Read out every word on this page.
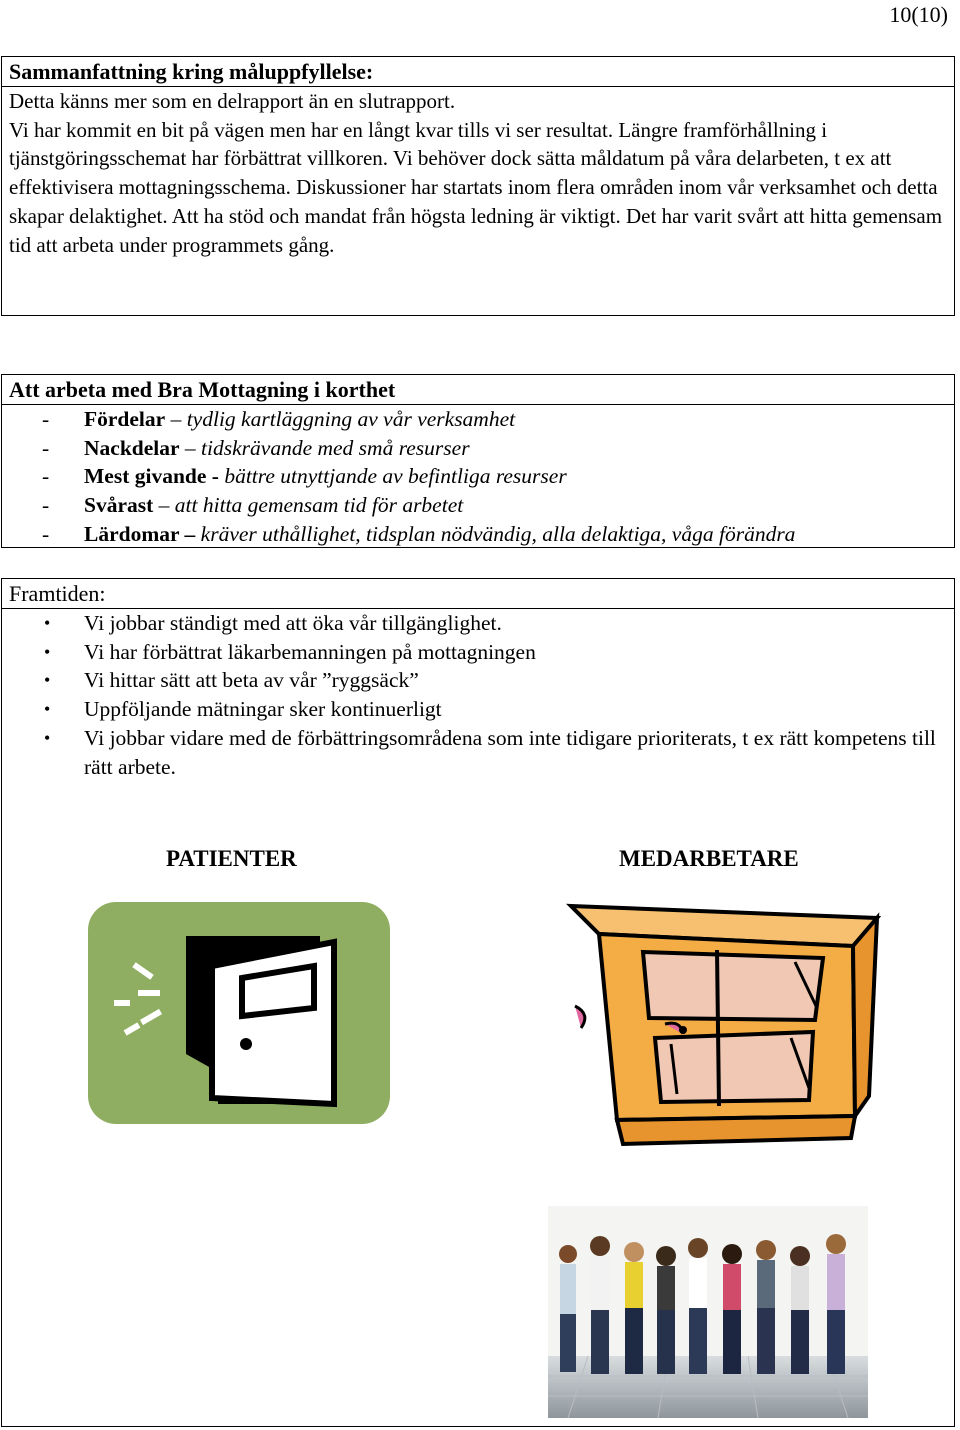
10(10)
Sammanfattning kring måluppfyllelse:
Detta känns mer som en delrapport än en slutrapport.
Vi har kommit en bit på vägen men har en långt kvar tills vi ser resultat. Längre framförhållning i tjänstgöringsschemat har förbättrat villkoren. Vi behöver dock sätta måldatum på våra delarbeten, t ex att effektivisera mottagningsschema. Diskussioner har startats inom flera områden inom vår verksamhet och detta skapar delaktighet. Att ha stöd och mandat från högsta ledning är viktigt. Det har varit svårt att hitta gemensam tid att arbeta under programmets gång.
Att arbeta med Bra Mottagning i korthet
- Fördelar – tydlig kartläggning av vår verksamhet
- Nackdelar – tidskrävande med små resurser
- Mest givande - bättre utnyttjande av befintliga resurser
- Svårast – att hitta gemensam tid för arbetet
- Lärdomar – kräver uthållighet, tidsplan nödvändig, alla delaktiga, våga förändra
Framtiden:
• Vi jobbar ständigt med att öka vår tillgänglighet.
• Vi har förbättrat läkarbemanningen på mottagningen
• Vi hittar sätt att beta av vår ”ryggsäck”
• Uppföljande mätningar sker kontinuerligt
• Vi jobbar vidare med de förbättringsområdena som inte tidigare prioriterats, t ex rätt kompetens till rätt arbete.
PATIENTER	MEDARBETARE
